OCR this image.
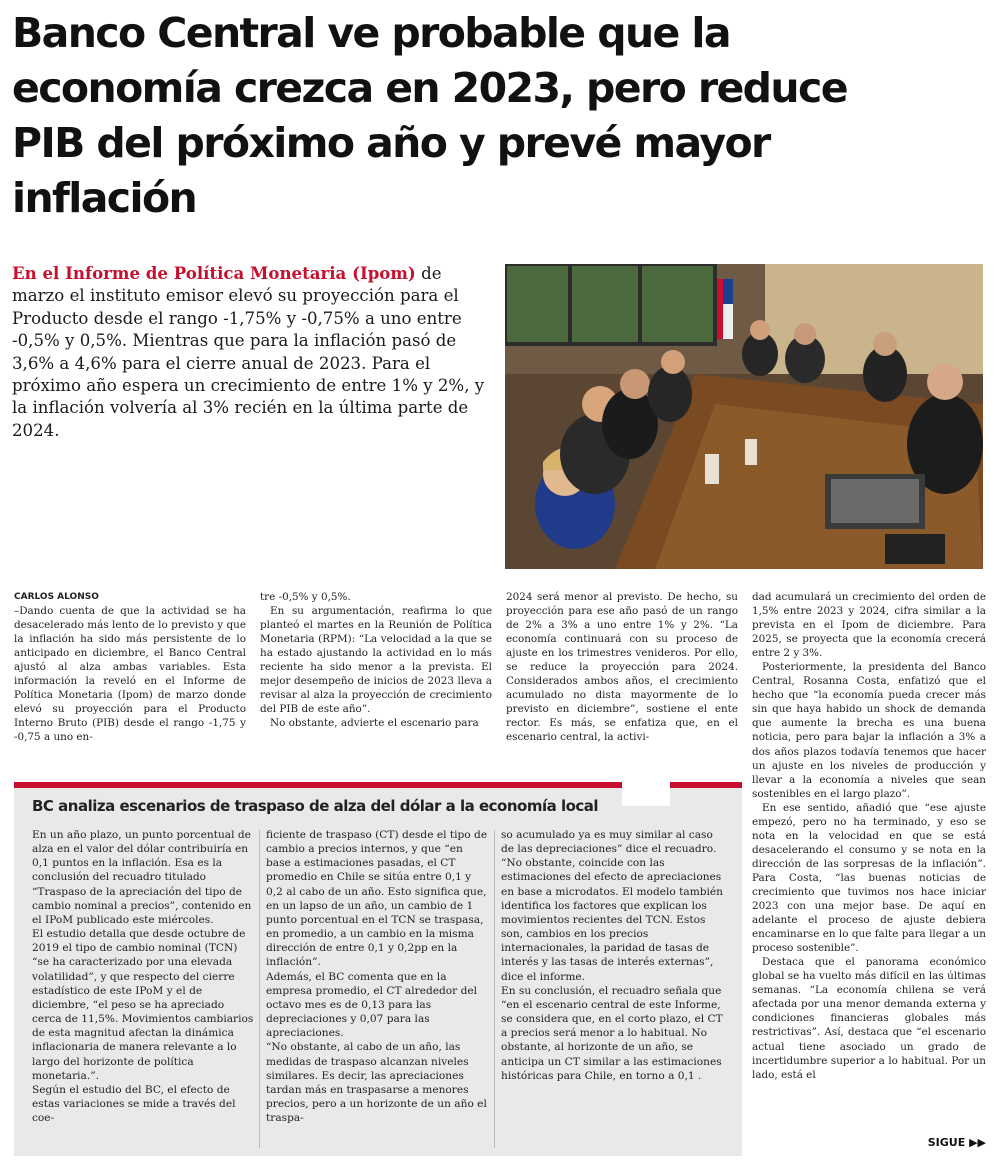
Banco Central ve probable que la
economía crezca en 2023, pero reduce
PIB del próximo año y prevé mayor
inflación
En el Informe de Política Monetaria (Ipom) de marzo el instituto emisor elevó su proyección para el Producto desde el rango -1,75% y -0,75% a uno entre -0,5% y 0,5%. Mientras que para la inflación pasó de 3,6% a 4,6% para el cierre anual de 2023. Para el próximo año espera un crecimiento de entre 1% y 2%, y la inflación volvería al 3% recién en la última parte de 2024.
CARLOS ALONSO

–Dando cuenta de que la actividad se ha desacelerado más lento de lo previsto y que la inflación ha sido más persistente de lo anticipado en diciembre, el Banco Central ajustó al alza ambas variables. Esta información la reveló en el Informe de Política Monetaria (Ipom) de marzo donde elevó su proyección para el Producto Interno Bruto (PIB) desde el rango -1,75 y -0,75 a uno en-

tre -0,5% y 0,5%.

En su argumentación, reafirma lo que planteó el martes en la Reunión de Política Monetaria (RPM): “La velocidad a la que se ha estado ajustando la actividad en lo más reciente ha sido menor a la prevista. El mejor desempeño de inicios de 2023 lleva a revisar al alza la proyección de crecimiento del PIB de este año”.

No obstante, advierte el escenario para

2024 será menor al previsto. De hecho, su proyección para ese año pasó de un rango de 2% a 3% a uno entre 1% y 2%. “La economía continuará con su proceso de ajuste en los trimestres venideros. Por ello, se reduce la proyección para 2024. Considerados ambos años, el crecimiento acumulado no dista mayormente de lo previsto en diciembre”, sostiene el ente rector. Es más, se enfatiza que, en el escenario central, la activi-

dad acumulará un crecimiento del orden de 1,5% entre 2023 y 2024, cifra similar a la prevista en el Ipom de diciembre. Para 2025, se proyecta que la economía crecerá entre 2 y 3%.

Posteriormente, la presidenta del Banco Central, Rosanna Costa, enfatizó que el hecho que “la economía pueda crecer más sin que haya habido un shock de demanda que aumente la brecha es una buena noticia, pero para bajar la inflación a 3% a dos años plazos todavía tenemos que hacer un ajuste en los niveles de producción y llevar a la economía a niveles que sean sostenibles en el largo plazo”.

En ese sentido, añadió que “ese ajuste empezó, pero no ha terminado, y eso se nota en la velocidad en que se está desacelerando el consumo y se nota en la dirección de las sorpresas de la inflación”. Para Costa, “las buenas noticias de crecimiento que tuvimos nos hace iniciar 2023 con una mejor base. De aquí en adelante el proceso de ajuste debiera encaminarse en lo que falte para llegar a un proceso sostenible”.

Destaca que el panorama económico global se ha vuelto más difícil en las últimas semanas. “La economía chilena se verá afectada por una menor demanda externa y condiciones financieras globales más restrictivas”. Así, destaca que “el escenario actual tiene asociado un grado de incertidumbre superior a lo habitual. Por un lado, está el

BC analiza escenarios de traspaso de alza del dólar a la economía local

En un año plazo, un punto porcentual de alza en el valor del dólar contribuiría en 0,1 puntos en la inflación. Esa es la conclusión del recuadro titulado “Traspaso de la apreciación del tipo de cambio nominal a precios”, contenido en el IPoM publicado este miércoles.

El estudio detalla que desde octubre de 2019 el tipo de cambio nominal (TCN) “se ha caracterizado por una elevada volatilidad”, y que respecto del cierre estadístico de este IPoM y el de diciembre, “el peso se ha apreciado cerca de 11,5%. Movimientos cambiarios de esta magnitud afectan la dinámica inflacionaria de manera relevante a lo largo del horizonte de política monetaria.”.

Según el estudio del BC, el efecto de estas variaciones se mide a través del coe-

ficiente de traspaso (CT) desde el tipo de cambio a precios internos, y que “en base a estimaciones pasadas, el CT promedio en Chile se sitúa entre 0,1 y 0,2 al cabo de un año. Esto significa que, en un lapso de un año, un cambio de 1 punto porcentual en el TCN se traspasa, en promedio, a un cambio en la misma dirección de entre 0,1 y 0,2pp en la inflación”.

Además, el BC comenta que en la empresa promedio, el CT alrededor del octavo mes es de 0,13 para las depreciaciones y 0,07 para las apreciaciones.

“No obstante, al cabo de un año, las medidas de traspaso alcanzan niveles similares. Es decir, las apreciaciones tardan más en traspasarse a menores precios, pero a un horizonte de un año el traspa-

so acumulado ya es muy similar al caso de las depreciaciones” dice el recuadro.

“No obstante, coincide con las estimaciones del efecto de apreciaciones en base a microdatos. El modelo también identifica los factores que explican los movimientos recientes del TCN. Estos son, cambios en los precios internacionales, la paridad de tasas de interés y las tasas de interés externas”, dice el informe.

En su conclusión, el recuadro señala que “en el escenario central de este Informe, se considera que, en el corto plazo, el CT a precios será menor a lo habitual. No obstante, al horizonte de un año, se anticipa un CT similar a las estimaciones históricas para Chile, en torno a 0,1 .

SIGUE ▶▶
